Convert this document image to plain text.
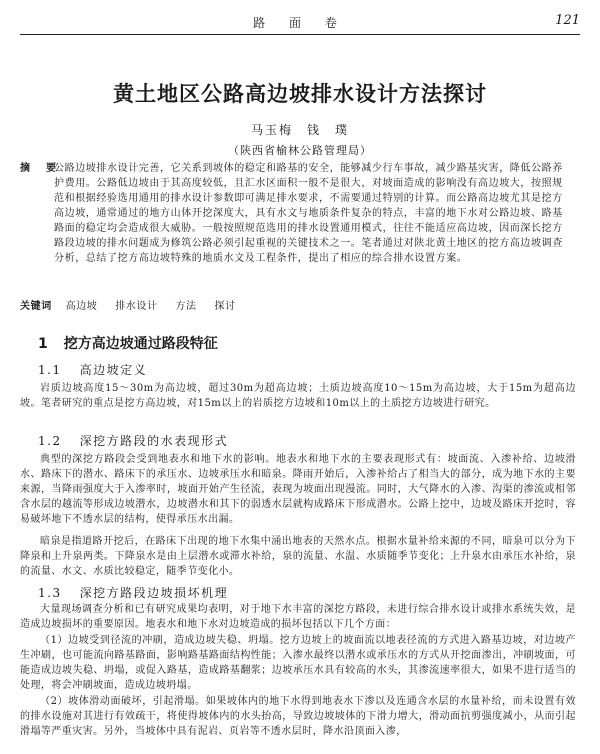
路 面 卷	121
黄土地区公路高边坡排水设计方法探讨
马玉梅　钱　璞
（陕西省榆林公路管理局）
摘　要
公路边坡排水设计完善，它关系到坡体的稳定和路基的安全，能够减少行车事故，减少路基灾害，降低公路养护费用。公路低边坡由于其高度较低，且汇水区面积一般不是很大，对坡面造成的影响没有高边坡大，按照规范和根据经验选用通用的排水设计参数即可满足排水要求，不需要通过特别的计算。而公路高边坡尤其是挖方高边坡，通常通过的地方山体开挖深度大，具有水文与地质条件复杂的特点，丰富的地下水对公路边坡、路基路面的稳定均会造成很大威胁。一般按照规范选用的排水设置通用模式，往往不能适应高边坡，因而深长挖方路段边坡的排水问题成为修筑公路必须引起重视的关键技术之一。笔者通过对陕北黄土地区的挖方高边坡调查分析，总结了挖方高边坡特殊的地质水文及工程条件，提出了相应的综合排水设置方案。
关键词 高边坡 排水设计 方法 探讨
1 挖方高边坡通过路段特征
1.1 高边坡定义
岩质边坡高度15～30m为高边坡，超过30m为超高边坡；土质边坡高度10～15m为高边坡，大于15m为超高边坡。笔者研究的重点是挖方高边坡，对15m以上的岩质挖方边坡和10m以上的土质挖方边坡进行研究。
1.2 深挖方路段的水表现形式
典型的深挖方路段会受到地表水和地下水的影响。地表水和地下水的主要表现形式有：坡面流、入渗补给、边坡滑水、路床下的潜水、路床下的承压水、边坡承压水和暗泉。降雨开始后，入渗补给占了相当大的部分，成为地下水的主要来源，当降雨强度大于入渗率时，坡面开始产生径流，表现为坡面出现漫流。同时，大气降水的入渗、沟渠的渗流或相邻含水层的越流等形成边坡潜水，边坡潜水和其下的弱透水层就构成路床下形成潜水。公路上挖中，边坡及路床开挖时，容易破坏地下不透水层的结构，使得承压水出漏。
暗泉是指道路开挖后，在路床下出现的地下水集中涌出地表的天然水点。根据水量补给来源的不同，暗泉可以分为下降泉和上升泉两类。下降泉水是由上层潜水或滞水补给，泉的流量、水温、水质随季节变化；上升泉水由承压水补给，泉的流量、水文、水质比较稳定，随季节变化小。
1.3 深挖方路段边坡损坏机理
大量现场调查分析和已有研究成果均表明，对于地下水丰富的深挖方路段，未进行综合排水设计或排水系统失效，是造成边坡损坏的重要原因。地表水和地下水对边坡造成的损坏包括以下几个方面：
（1）边坡受到径流的冲刷，造成边坡失稳、坍塌。挖方边坡上的坡面流以地表径流的方式进入路基边坡，对边坡产生冲刷，也可能流向路基路面，影响路基路面结构性能；入渗水最终以潜水或承压水的方式从开挖面渗出，冲刷坡面，可能造成边坡失稳、坍塌，或促入路基，造成路基翻浆；边坡承压水具有较高的水头，其渗流速率很大，如果不进行适当的处理，将会冲刷坡面，造成边坡坍塌。
（2）坡体滑动面破坏，引起滑塌。如果坡体内的地下水得到地表水下渗以及连通含水层的水量补给，而未设置有效的排水设施对其进行有效疏干，将使得坡体内的水头抬高，导致边坡坡体的下滑力增大，滑动面抗剪强度减小，从而引起滑塌等严重灾害。另外，当坡体中具有泥岩、页岩等不透水层时，降水沿顶面入渗，
